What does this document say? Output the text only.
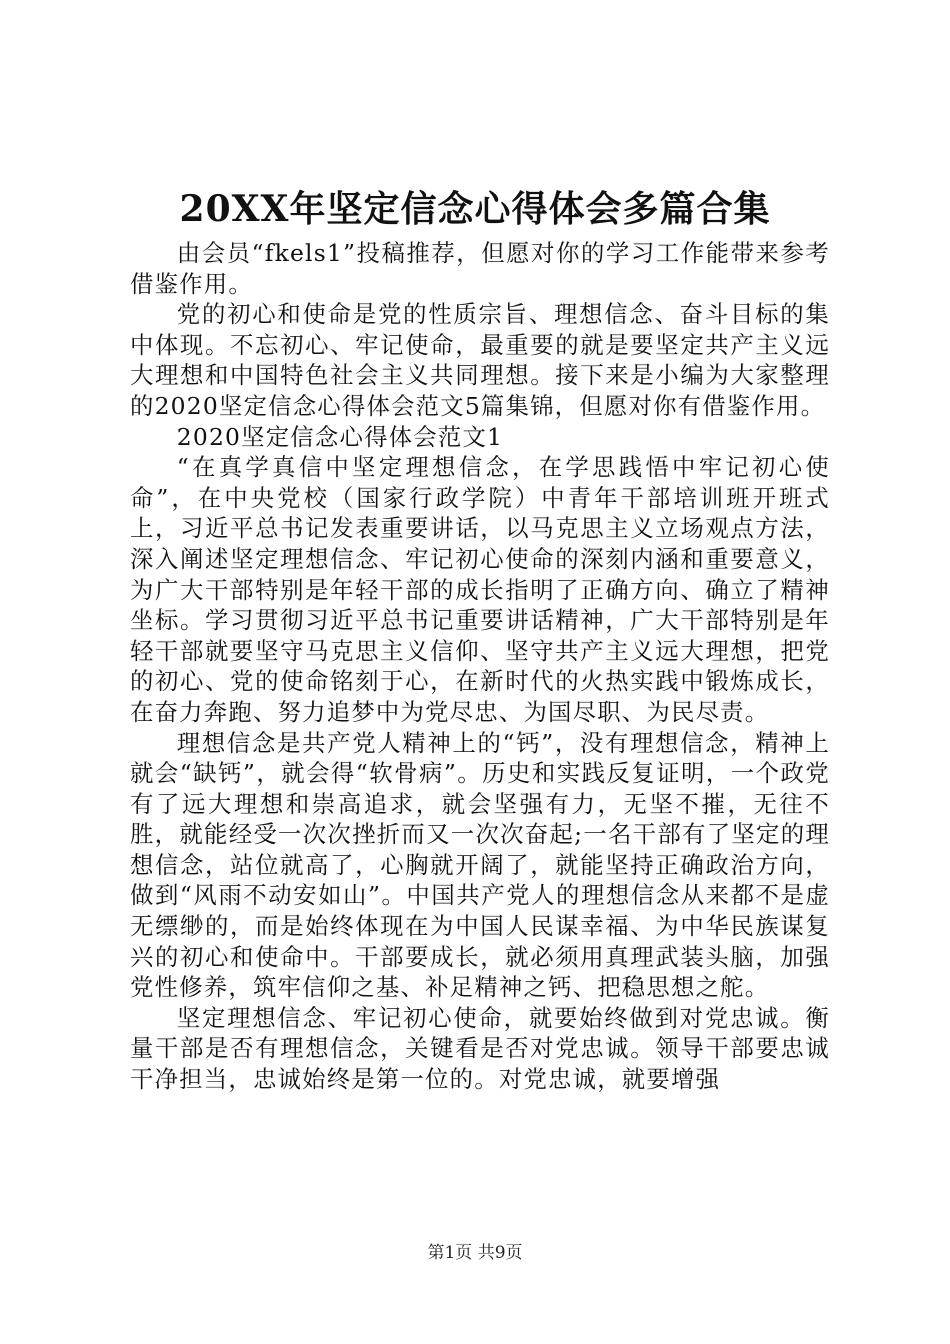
20XX年坚定信念心得体会多篇合集

由会员“fkels1”投稿推荐，但愿对你的学习工作能带来参考借鉴作用。

党的初心和使命是党的性质宗旨、理想信念、奋斗目标的集中体现。不忘初心、牢记使命，最重要的就是要坚定共产主义远大理想和中国特色社会主义共同理想。接下来是小编为大家整理的2020坚定信念心得体会范文5篇集锦，但愿对你有借鉴作用。

2020坚定信念心得体会范文1

“在真学真信中坚定理想信念，在学思践悟中牢记初心使命”，在中央党校（国家行政学院）中青年干部培训班开班式上，习近平总书记发表重要讲话，以马克思主义立场观点方法，深入阐述坚定理想信念、牢记初心使命的深刻内涵和重要意义，为广大干部特别是年轻干部的成长指明了正确方向、确立了精神坐标。学习贯彻习近平总书记重要讲话精神，广大干部特别是年轻干部就要坚守马克思主义信仰、坚守共产主义远大理想，把党的初心、党的使命铭刻于心，在新时代的火热实践中锻炼成长，在奋力奔跑、努力追梦中为党尽忠、为国尽职、为民尽责。

理想信念是共产党人精神上的“钙”，没有理想信念，精神上就会“缺钙”，就会得“软骨病”。历史和实践反复证明，一个政党有了远大理想和崇高追求，就会坚强有力，无坚不摧，无往不胜，就能经受一次次挫折而又一次次奋起;一名干部有了坚定的理想信念，站位就高了，心胸就开阔了，就能坚持正确政治方向，做到“风雨不动安如山”。中国共产党人的理想信念从来都不是虚无缥缈的，而是始终体现在为中国人民谋幸福、为中华民族谋复兴的初心和使命中。干部要成长，就必须用真理武装头脑，加强党性修养，筑牢信仰之基、补足精神之钙、把稳思想之舵。

坚定理想信念、牢记初心使命，就要始终做到对党忠诚。衡量干部是否有理想信念，关键看是否对党忠诚。领导干部要忠诚干净担当，忠诚始终是第一位的。对党忠诚，就要增强

第1页 共9页
